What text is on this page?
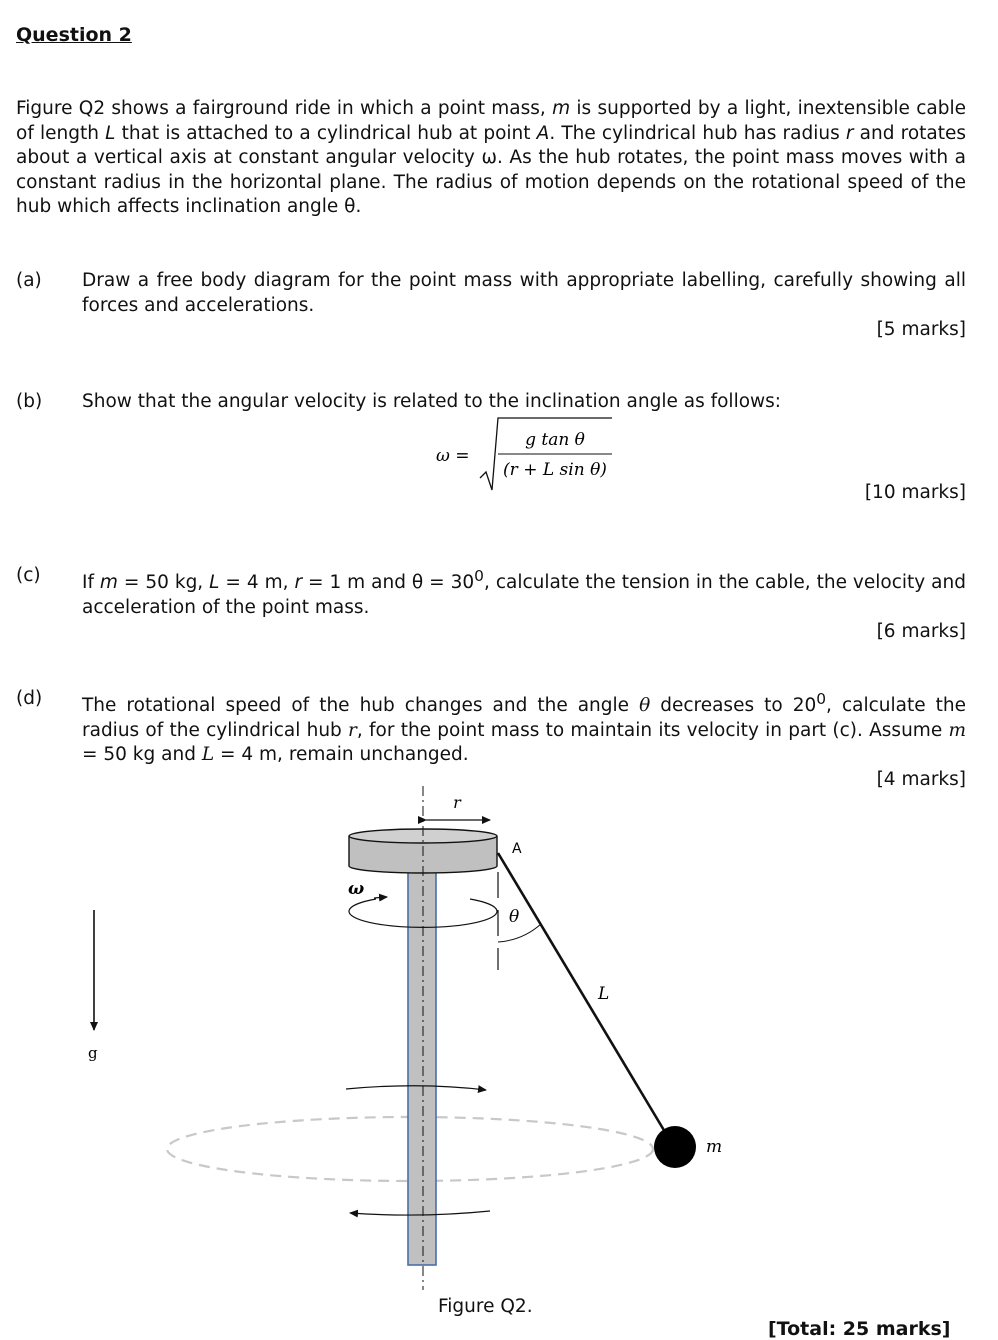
Question 2

Figure Q2 shows a fairground ride in which a point mass, m is supported by a light, inextensible cable of length L that is attached to a cylindrical hub at point A. The cylindrical hub has radius r and rotates about a vertical axis at constant angular velocity ω. As the hub rotates, the point mass moves with a constant radius in the horizontal plane. The radius of motion depends on the rotational speed of the hub which affects inclination angle θ.

(a) Draw a free body diagram for the point mass with appropriate labelling, carefully showing all forces and accelerations.
[5 marks]
(b) Show that the angular velocity is related to the inclination angle as follows:
[10 marks]
ω =
g tan θ
(r + L sin θ)
(c) If m = 50 kg, L = 4 m, r = 1 m and $\theta = 30^0$, calculate the tension in the cable, the velocity and acceleration of the point mass.
[6 marks]
(d) The rotational speed of the hub changes and the angle θ decreases to $20^0$, calculate the radius of the cylindrical hub r, for the point mass to maintain its velocity in part (c). Assume m = 50 kg and L = 4 m, remain unchanged.
[4 marks]
r
A
ω
θ
L
m
g
Figure Q2.
[Total: 25 marks]
